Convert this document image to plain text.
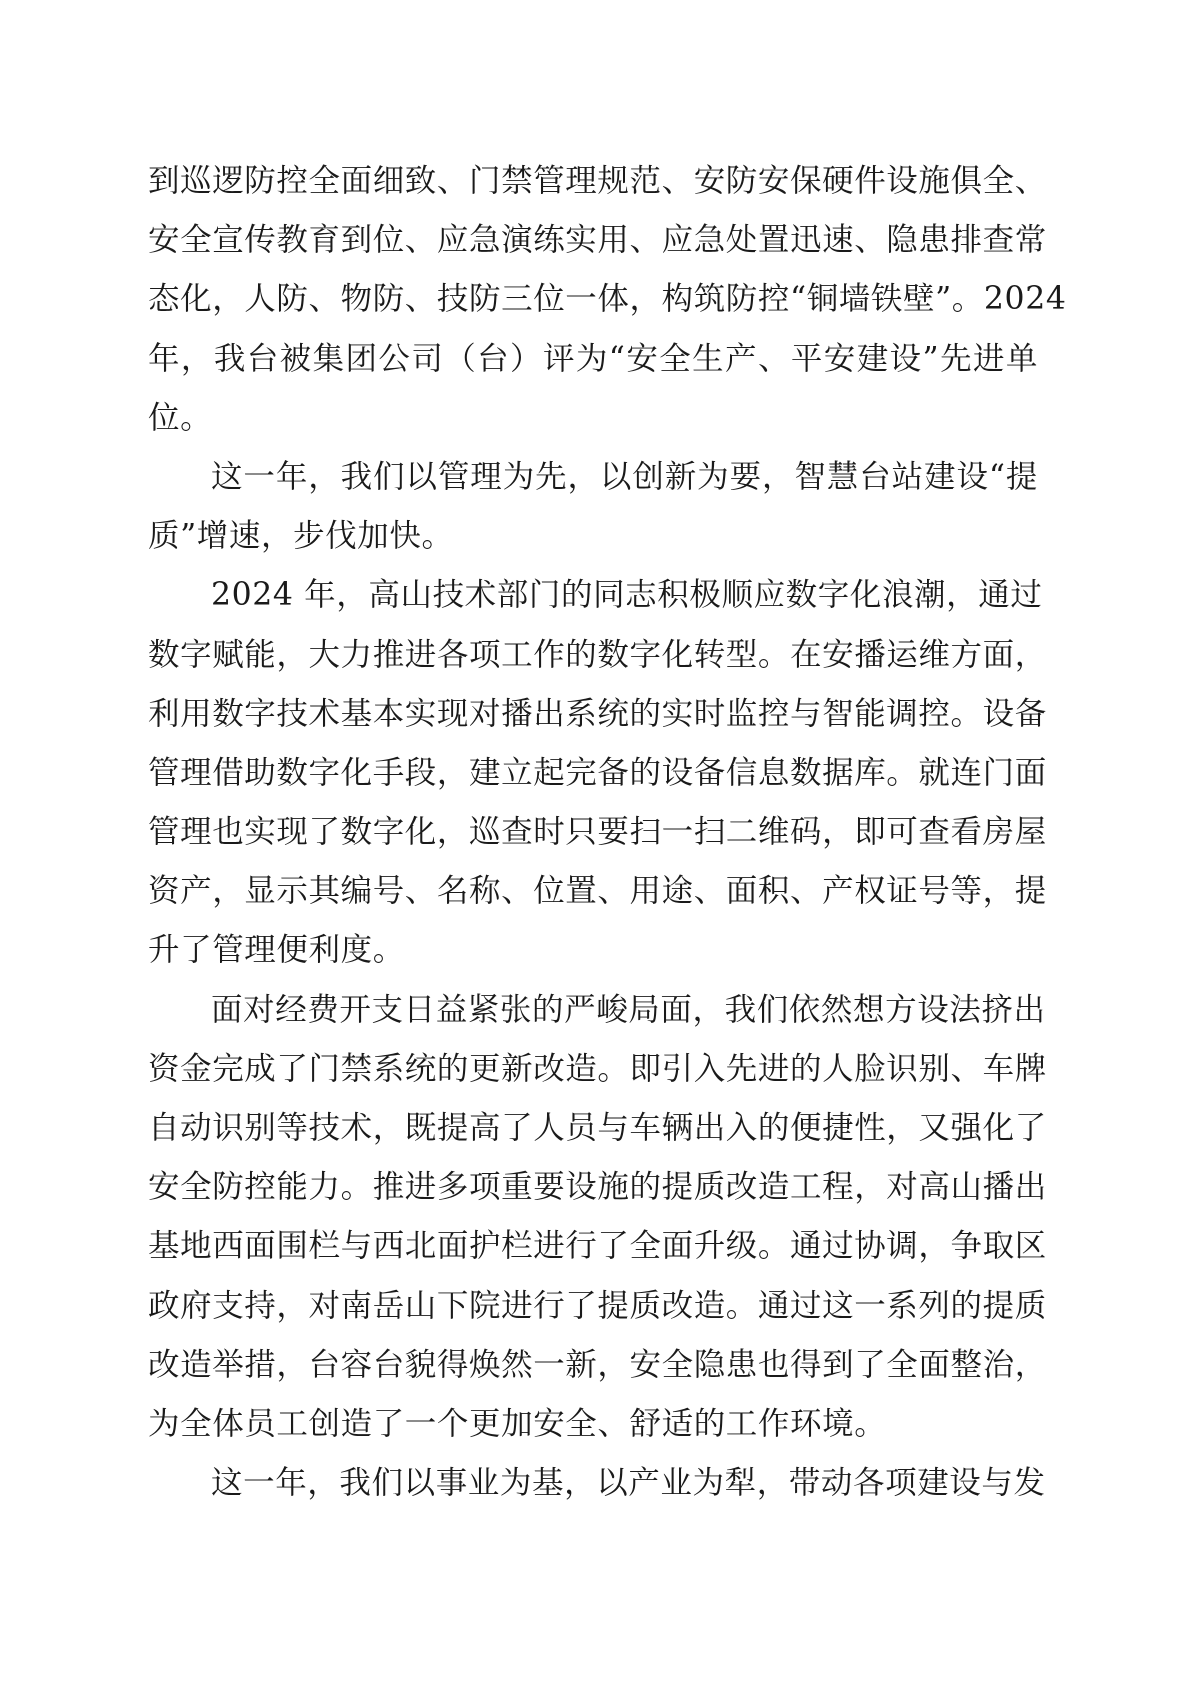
到巡逻防控全面细致、门禁管理规范、安防安保硬件设施俱全、
安全宣传教育到位、应急演练实用、应急处置迅速、隐患排查常
态化，人防、物防、技防三位一体，构筑防控“铜墙铁壁”。2024
年，我台被集团公司（台）评为“安全生产、平安建设”先进单
位。
这一年，我们以管理为先，以创新为要，智慧台站建设“提
质”增速，步伐加快。
2024 年，高山技术部门的同志积极顺应数字化浪潮，通过
数字赋能，大力推进各项工作的数字化转型。在安播运维方面，
利用数字技术基本实现对播出系统的实时监控与智能调控。设备
管理借助数字化手段，建立起完备的设备信息数据库。就连门面
管理也实现了数字化，巡查时只要扫一扫二维码，即可查看房屋
资产，显示其编号、名称、位置、用途、面积、产权证号等，提
升了管理便利度。
面对经费开支日益紧张的严峻局面，我们依然想方设法挤出
资金完成了门禁系统的更新改造。即引入先进的人脸识别、车牌
自动识别等技术，既提高了人员与车辆出入的便捷性，又强化了
安全防控能力。推进多项重要设施的提质改造工程，对高山播出
基地西面围栏与西北面护栏进行了全面升级。通过协调，争取区
政府支持，对南岳山下院进行了提质改造。通过这一系列的提质
改造举措，台容台貌得焕然一新，安全隐患也得到了全面整治，
为全体员工创造了一个更加安全、舒适的工作环境。
这一年，我们以事业为基，以产业为犁，带动各项建设与发
